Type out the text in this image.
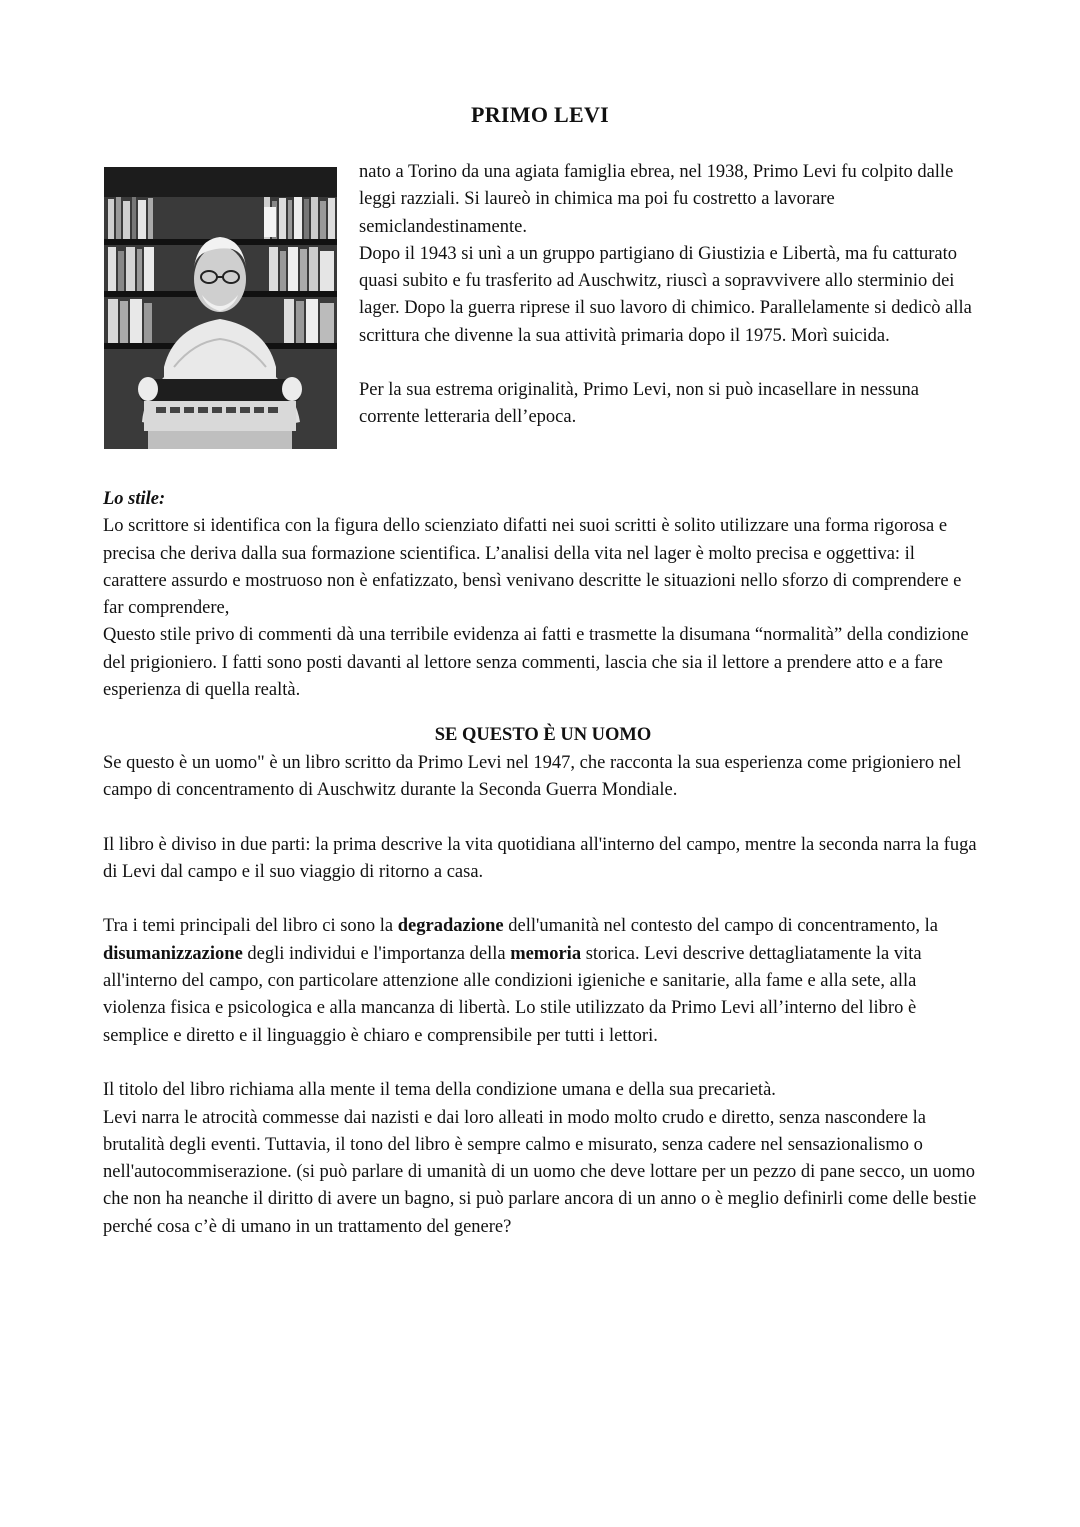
PRIMO LEVI

nato a Torino da una agiata famiglia ebrea, nel 1938, Primo Levi fu colpito dalle leggi razziali. Si laureò in chimica ma poi fu costretto a lavorare semiclandestinamente.

Dopo il 1943 si unì a un gruppo partigiano di Giustizia e Libertà, ma fu catturato quasi subito e fu trasferito ad Auschwitz, riuscì a sopravvivere allo sterminio dei lager. Dopo la guerra riprese il suo lavoro di chimico. Parallelamente si dedicò alla scrittura che divenne la sua attività primaria dopo il 1975. Morì suicida.

Per la sua estrema originalità, Primo Levi, non si può incasellare in nessuna corrente letteraria dell’epoca.

Lo stile:

Lo scrittore si identifica con la figura dello scienziato difatti nei suoi scritti è solito utilizzare una forma rigorosa e precisa che deriva dalla sua formazione scientifica. L’analisi della vita nel lager è molto precisa e oggettiva: il carattere assurdo e mostruoso non è enfatizzato, bensì venivano descritte le situazioni nello sforzo di comprendere e far comprendere,

Questo stile privo di commenti dà una terribile evidenza ai fatti e trasmette la disumana “normalità” della condizione del prigioniero. I fatti sono posti davanti al lettore senza commenti, lascia che sia il lettore a prendere atto e a fare esperienza di quella realtà.

SE QUESTO È UN UOMO

Se questo è un uomo" è un libro scritto da Primo Levi nel 1947, che racconta la sua esperienza come prigioniero nel campo di concentramento di Auschwitz durante la Seconda Guerra Mondiale.

Il libro è diviso in due parti: la prima descrive la vita quotidiana all'interno del campo, mentre la seconda narra la fuga di Levi dal campo e il suo viaggio di ritorno a casa.

Tra i temi principali del libro ci sono la degradazione dell'umanità nel contesto del campo di concentramento, la disumanizzazione degli individui e l'importanza della memoria storica. Levi descrive dettagliatamente la vita all'interno del campo, con particolare attenzione alle condizioni igieniche e sanitarie, alla fame e alla sete, alla violenza fisica e psicologica e alla mancanza di libertà. Lo stile utilizzato da Primo Levi all’interno del libro è semplice e diretto e il linguaggio è chiaro e comprensibile per tutti i lettori.

Il titolo del libro richiama alla mente il tema della condizione umana e della sua precarietà.

Levi narra le atrocità commesse dai nazisti e dai loro alleati in modo molto crudo e diretto, senza nascondere la brutalità degli eventi. Tuttavia, il tono del libro è sempre calmo e misurato, senza cadere nel sensazionalismo o nell'autocommiserazione. (si può parlare di umanità di un uomo che deve lottare per un pezzo di pane secco, un uomo che non ha neanche il diritto di avere un bagno, si può parlare ancora di un anno o è meglio definirli come delle bestie perché cosa c’è di umano in un trattamento del genere?
